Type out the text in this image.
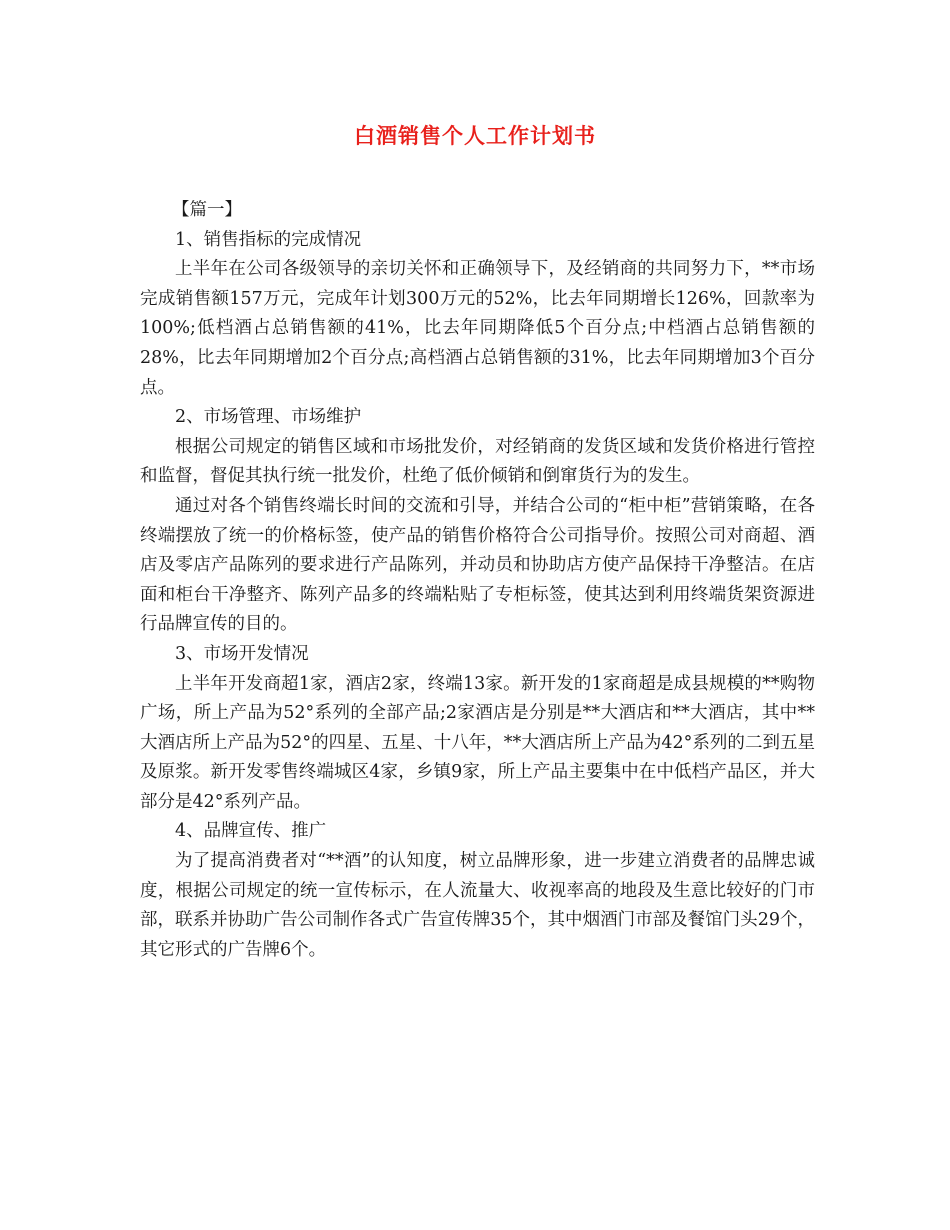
白酒销售个人工作计划书

【篇一】

1、销售指标的完成情况

上半年在公司各级领导的亲切关怀和正确领导下，及经销商的共同努力下，**市场完成销售额157万元，完成年计划300万元的52%，比去年同期增长126%，回款率为100%;低档酒占总销售额的41%，比去年同期降低5个百分点;中档酒占总销售额的28%，比去年同期增加2个百分点;高档酒占总销售额的31%，比去年同期增加3个百分点。

2、市场管理、市场维护

根据公司规定的销售区域和市场批发价，对经销商的发货区域和发货价格进行管控和监督，督促其执行统一批发价，杜绝了低价倾销和倒窜货行为的发生。

通过对各个销售终端长时间的交流和引导，并结合公司的“柜中柜”营销策略，在各终端摆放了统一的价格标签，使产品的销售价格符合公司指导价。按照公司对商超、酒店及零店产品陈列的要求进行产品陈列，并动员和协助店方使产品保持干净整洁。在店面和柜台干净整齐、陈列产品多的终端粘贴了专柜标签，使其达到利用终端货架资源进行品牌宣传的目的。

3、市场开发情况

上半年开发商超1家，酒店2家，终端13家。新开发的1家商超是成县规模的**购物广场，所上产品为52°系列的全部产品;2家酒店是分别是**大酒店和**大酒店，其中**大酒店所上产品为52°的四星、五星、十八年，**大酒店所上产品为42°系列的二到五星及原浆。新开发零售终端城区4家，乡镇9家，所上产品主要集中在中低档产品区，并大部分是42°系列产品。

4、品牌宣传、推广

为了提高消费者对“**酒”的认知度，树立品牌形象，进一步建立消费者的品牌忠诚度，根据公司规定的统一宣传标示，在人流量大、收视率高的地段及生意比较好的门市部，联系并协助广告公司制作各式广告宣传牌35个，其中烟酒门市部及餐馆门头29个，其它形式的广告牌6个。
